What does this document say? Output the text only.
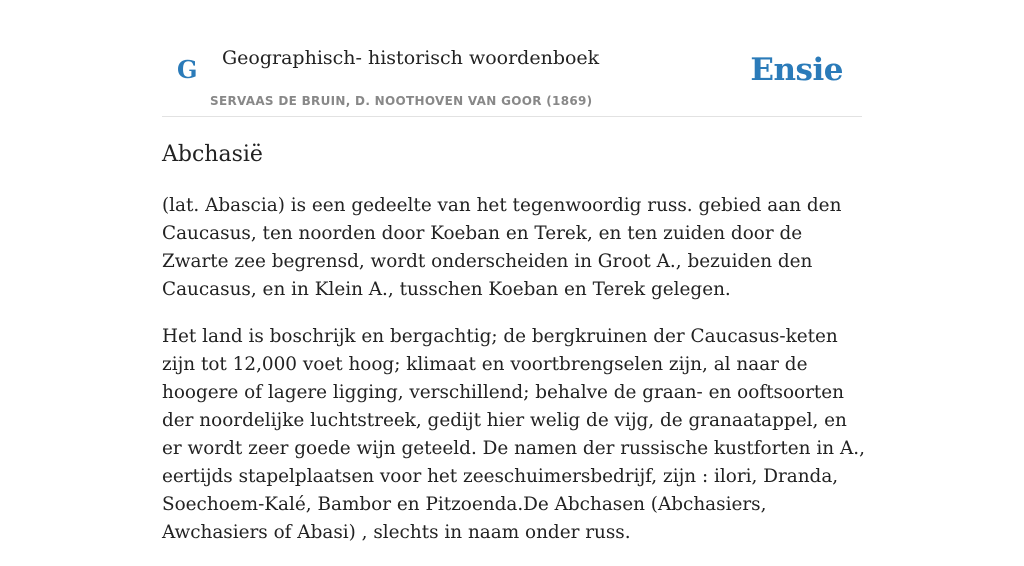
G Geographisch- historisch woordenboek
SERVAAS DE BRUIN, D. NOOTHOVEN VAN GOOR (1869)
Ensie
Abchasië

(lat. Abascia) is een gedeelte van het tegenwoordig russ. gebied aan den Caucasus, ten noorden door Koeban en Terek, en ten zuiden door de Zwarte zee begrensd, wordt onderscheiden in Groot A., bezuiden den Caucasus, en in Klein A., tusschen Koeban en Terek gelegen.

Het land is boschrijk en bergachtig; de bergkruinen der Caucasus-keten zijn tot 12,000 voet hoog; klimaat en voortbrengselen zijn, al naar de hoogere of lagere ligging, verschillend; behalve de graan- en ooftsoorten der noordelijke luchtstreek, gedijt hier welig de vijg, de granaatappel, en er wordt zeer goede wijn geteeld. De namen der russische kustforten in A., eertijds stapelplaatsen voor het zeeschuimersbedrijf, zijn : ilori, Dranda, Soechoem-Kalé, Bambor en Pitzoenda.De Abchasen (Abchasiers, Awchasiers of Abasi) , slechts in naam onder russ.
